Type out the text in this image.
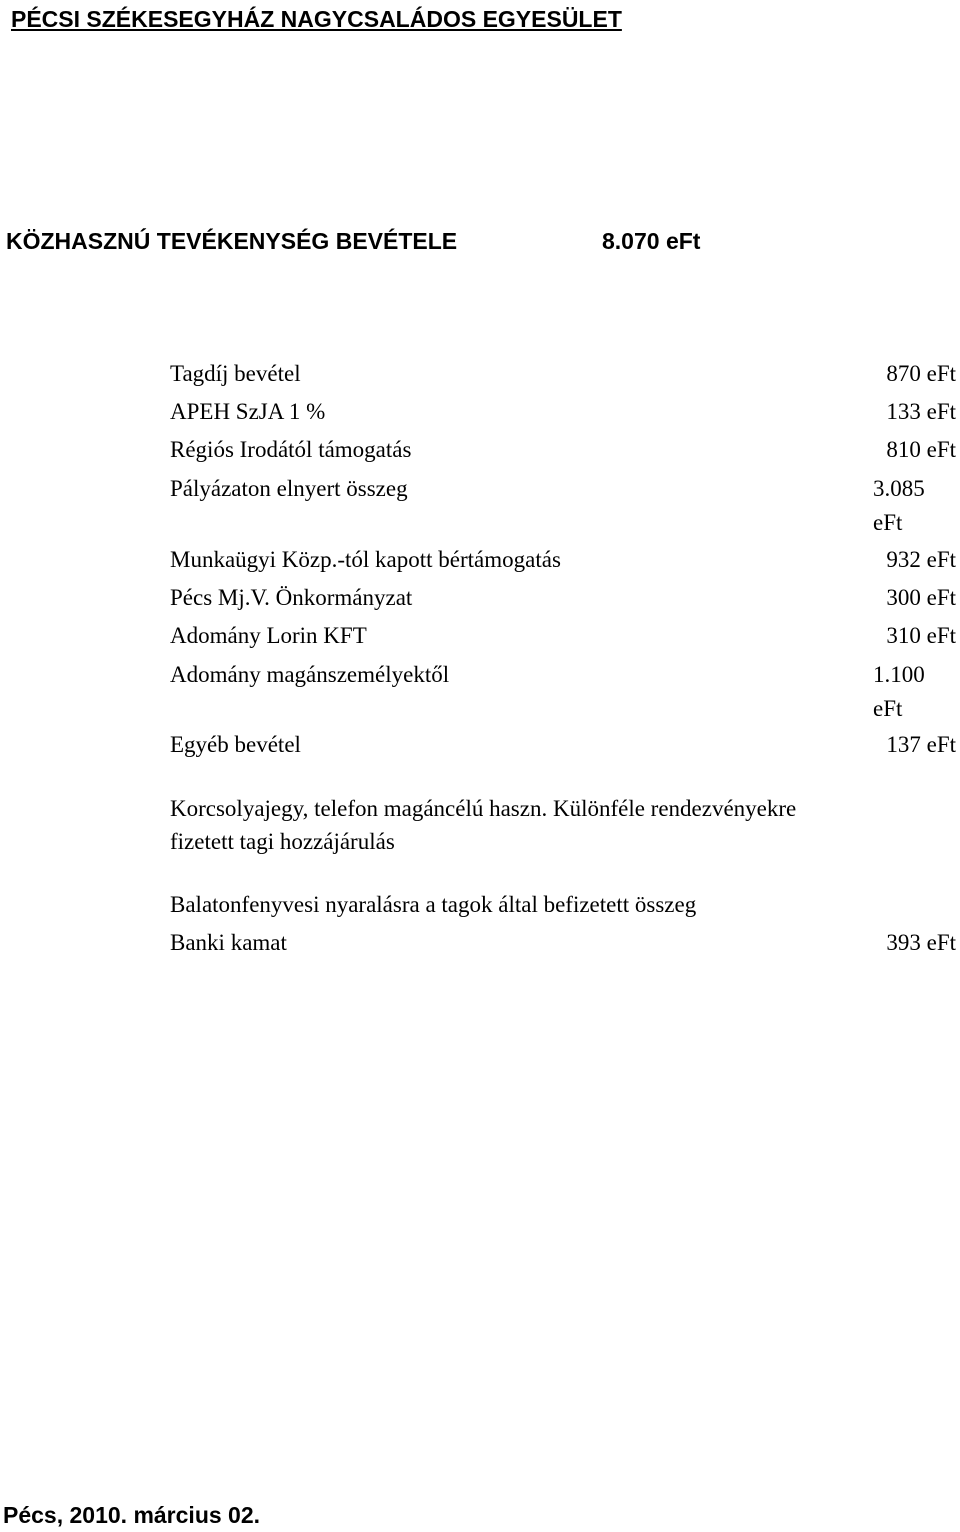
PÉCSI SZÉKESEGYHÁZ NAGYCSALÁDOS EGYESÜLET
KÖZHASZNÚ TEVÉKENYSÉG BEVÉTELE	8.070 eFt
Tagdíj bevétel	870 eFt
APEH SzJA 1 %	133 eFt
Régiós Irodától támogatás	810 eFt
Pályázaton elnyert összeg	3.085
eFt
Munkaügyi Közp.-tól kapott bértámogatás	932 eFt
Pécs Mj.V. Önkormányzat	300 eFt
Adomány Lorin KFT	310 eFt
Adomány magánszemélyektől	1.100
eFt
Egyéb bevétel	137 eFt
Korcsolyajegy, telefon magáncélú haszn. Különféle rendezvényekre fizetett tagi hozzájárulás
Balatonfenyvesi nyaralásra a tagok által befizetett összeg
Banki kamat	393 eFt
Pécs, 2010. március 02.
